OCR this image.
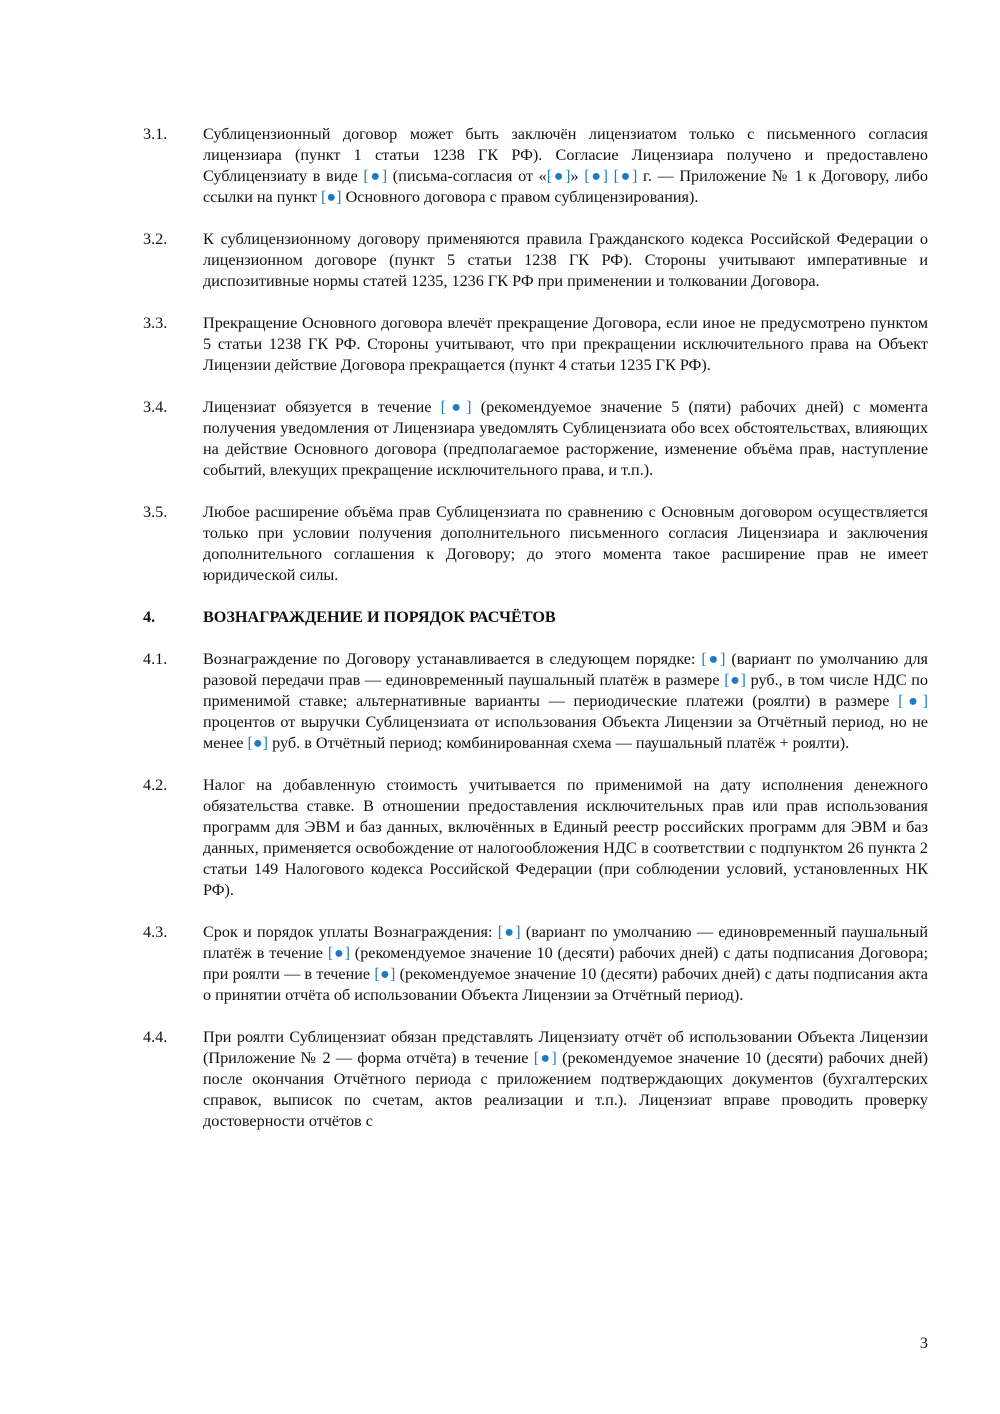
3.1.	Сублицензионный договор может быть заключён лицензиатом только с письменного согласия лицензиара (пункт 1 статьи 1238 ГК РФ). Согласие Лицензиара получено и предоставлено Сублицензиату в виде [●] (письма-согласия от «[●]» [●] [●] г. — Приложение № 1 к Договору, либо ссылки на пункт [●] Основного договора с правом сублицензирования).
3.2.	К сублицензионному договору применяются правила Гражданского кодекса Российской Федерации о лицензионном договоре (пункт 5 статьи 1238 ГК РФ). Стороны учитывают императивные и диспозитивные нормы статей 1235, 1236 ГК РФ при применении и толковании Договора.
3.3.	Прекращение Основного договора влечёт прекращение Договора, если иное не предусмотрено пунктом 5 статьи 1238 ГК РФ. Стороны учитывают, что при прекращении исключительного права на Объект Лицензии действие Договора прекращается (пункт 4 статьи 1235 ГК РФ).
3.4.	Лицензиат обязуется в течение [●] (рекомендуемое значение 5 (пяти) рабочих дней) с момента получения уведомления от Лицензиара уведомлять Сублицензиата обо всех обстоятельствах, влияющих на действие Основного договора (предполагаемое расторжение, изменение объёма прав, наступление событий, влекущих прекращение исключительного права, и т.п.).
3.5.	Любое расширение объёма прав Сублицензиата по сравнению с Основным договором осуществляется только при условии получения дополнительного письменного согласия Лицензиара и заключения дополнительного соглашения к Договору; до этого момента такое расширение прав не имеет юридической силы.
4.	ВОЗНАГРАЖДЕНИЕ И ПОРЯДОК РАСЧЁТОВ
4.1.	Вознаграждение по Договору устанавливается в следующем порядке: [●] (вариант по умолчанию для разовой передачи прав — единовременный паушальный платёж в размере [●] руб., в том числе НДС по применимой ставке; альтернативные варианты — периодические платежи (роялти) в размере [●] процентов от выручки Сублицензиата от использования Объекта Лицензии за Отчётный период, но не менее [●] руб. в Отчётный период; комбинированная схема — паушальный платёж + роялти).
4.2.	Налог на добавленную стоимость учитывается по применимой на дату исполнения денежного обязательства ставке. В отношении предоставления исключительных прав или прав использования программ для ЭВМ и баз данных, включённых в Единый реестр российских программ для ЭВМ и баз данных, применяется освобождение от налогообложения НДС в соответствии с подпунктом 26 пункта 2 статьи 149 Налогового кодекса Российской Федерации (при соблюдении условий, установленных НК РФ).
4.3.	Срок и порядок уплаты Вознаграждения: [●] (вариант по умолчанию — единовременный паушальный платёж в течение [●] (рекомендуемое значение 10 (десяти) рабочих дней) с даты подписания Договора; при роялти — в течение [●] (рекомендуемое значение 10 (десяти) рабочих дней) с даты подписания акта о принятии отчёта об использовании Объекта Лицензии за Отчётный период).
4.4.	При роялти Сублицензиат обязан представлять Лицензиату отчёт об использовании Объекта Лицензии (Приложение № 2 — форма отчёта) в течение [●] (рекомендуемое значение 10 (десяти) рабочих дней) после окончания Отчётного периода с приложением подтверждающих документов (бухгалтерских справок, выписок по счетам, актов реализации и т.п.). Лицензиат вправе проводить проверку достоверности отчётов с
3
